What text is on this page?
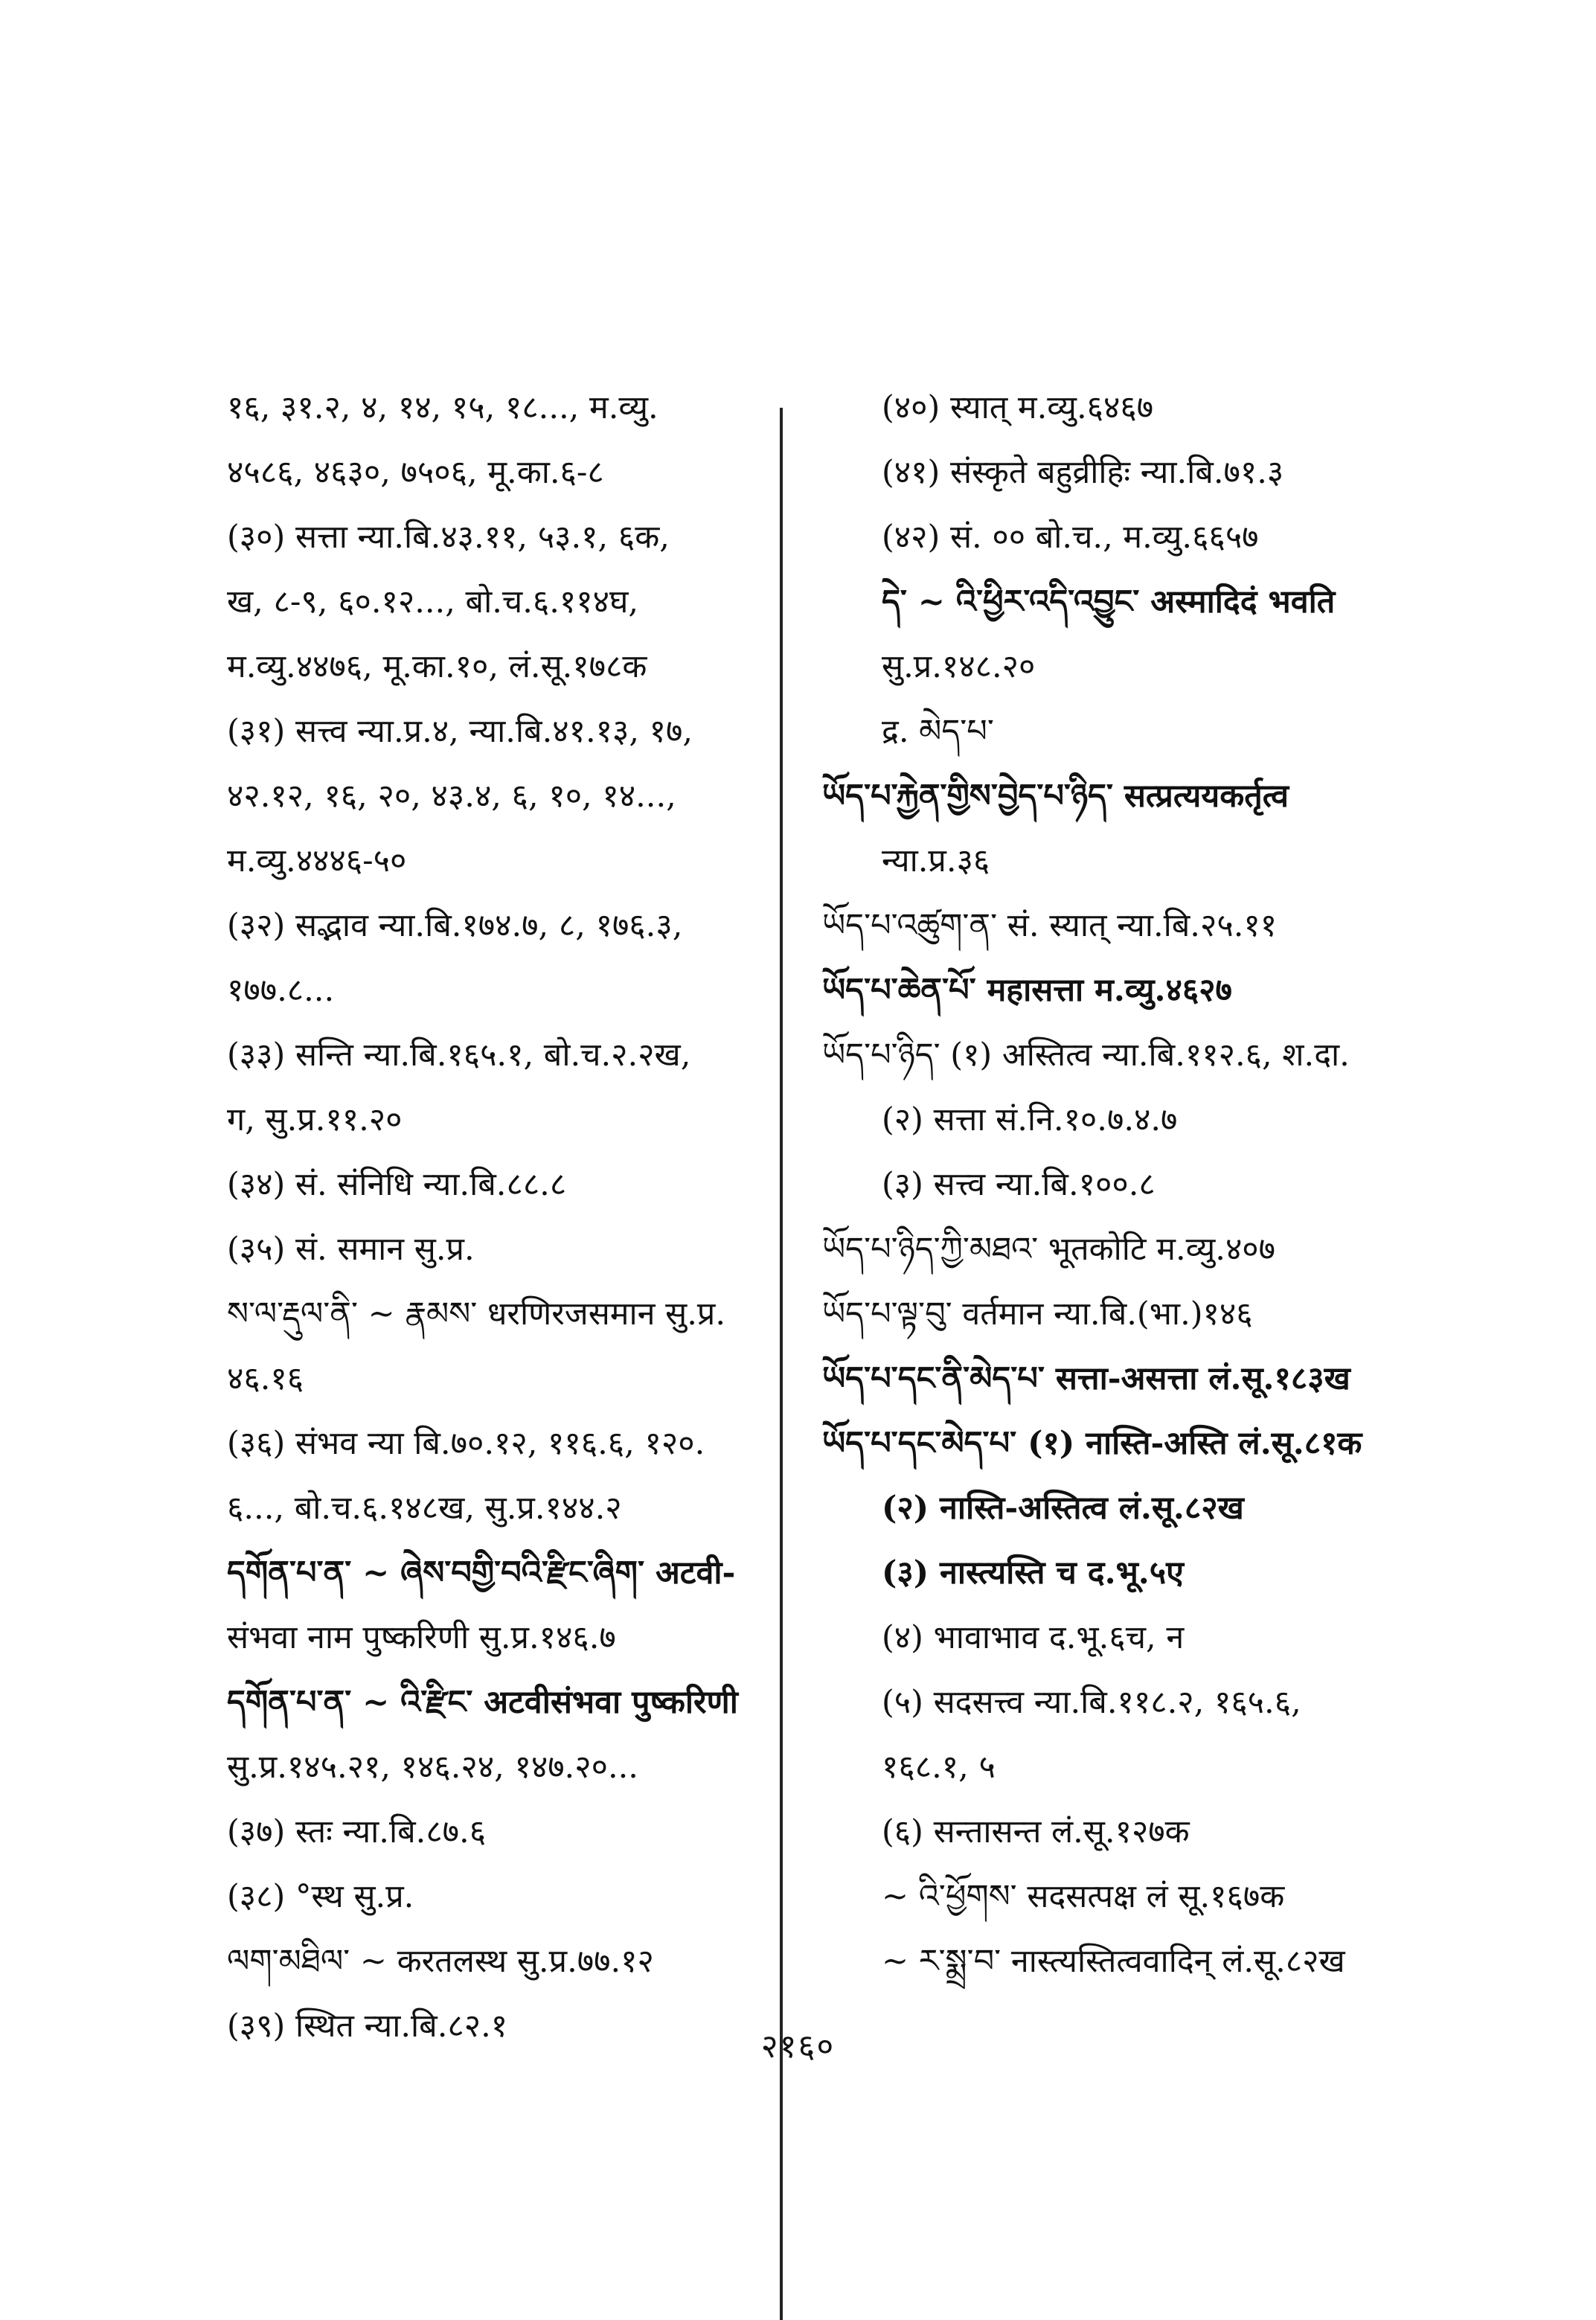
१६, ३१.२, ४, १४, १५, १८..., म.व्यु.
४५८६, ४६३०, ७५०६, मू.का.६-८
(३०) सत्ता न्या.बि.४३.११, ५३.१, ६क,
ख, ८-९, ६०.१२..., बो.च.६.११४घ,
म.व्यु.४४७६, मू.का.१०, लं.सू.१७८क
(३१) सत्त्व न्या.प्र.४, न्या.बि.४१.१३, १७,
४२.१२, १६, २०, ४३.४, ६, १०, १४...,
म.व्यु.४४४६-५०
(३२) सद्भाव न्या.बि.१७४.७, ८, १७६.३,
१७७.८...
(३३) सन्ति न्या.बि.१६५.१, बो.च.२.२ख,
ग, सु.प्र.११.२०
(३४) सं. संनिधि न्या.बि.८८.८
(३५) सं. समान सु.प्र.
ས་ལ་རྡུལ་ནི་ ~ རྣམས་ धरणिरजसमान सु.प्र.
४६.१६
(३६) संभव न्या बि.७०.१२, ११६.६, १२०.
६..., बो.च.६.१४८ख, सु.प्र.१४४.२
དགོན་པ་ན་ ~ ཞེས་བགྱི་བའི་རྫིང་ཞིག་ अटवी-
संभवा नाम पुष्करिणी सु.प्र.१४६.७
དགོན་པ་ན་ ~ འི་རྫིང་ अटवीसंभवा पुष्करिणी
सु.प्र.१४५.२१, १४६.२४, १४७.२०...
(३७) स्तः न्या.बि.८७.६
(३८) °स्थ सु.प्र.
ལག་མཐིལ་ ~ करतलस्थ सु.प्र.७७.१२
(३९) स्थित न्या.बि.८२.१
(४०) स्यात् म.व्यु.६४६७
(४१) संस्कृते बहुव्रीहिः न्या.बि.७१.३
(४२) सं. ०० बो.च., म.व्यु.६६५७
དེ་ ~ འི་ཕྱིར་འདི་འབྱུང་ अस्मादिदं भवति
सु.प्र.१४८.२०
द्र. མེད་པ་
ཡོད་པ་རྐྱེན་གྱིས་བྱེད་པ་ཉིད་ सत्प्रत्ययकर्तृत्व
न्या.प्र.३६
ཡོད་པ་འཚུག་ན་ सं. स्यात् न्या.बि.२५.११
ཡོད་པ་ཆེན་པོ་ महासत्ता म.व्यु.४६२७
ཡོད་པ་ཉིད་ (१) अस्तित्व न्या.बि.११२.६, श.दा.
(२) सत्ता सं.नि.१०.७.४.७
(३) सत्त्व न्या.बि.१००.८
ཡོད་པ་ཉིད་ཀྱི་མཐའ་ भूतकोटि म.व्यु.४०७
ཡོད་པ་ལྟ་བུ་ वर्तमान न्या.बि.(भा.)१४६
ཡོད་པ་དང་ནི་མེད་པ་ सत्ता-असत्ता लं.सू.१८३ख
ཡོད་པ་དང་མེད་པ་ (१) नास्ति-अस्ति लं.सू.८१क
(२) नास्ति-अस्तित्व लं.सू.८२ख
(३) नास्त्यस्ति च द.भू.५ए
(४) भावाभाव द.भू.६च, न
(५) सदसत्त्व न्या.बि.११८.२, १६५.६,
१६८.१, ५
(६) सन्तासन्त लं.सू.१२७क
~ འི་ཕྱོགས་ सदसत्पक्ष लं सू.१६७क
~ ར་སྨྲ་བ་ नास्त्यस्तित्ववादिन् लं.सू.८२ख
२१६०
